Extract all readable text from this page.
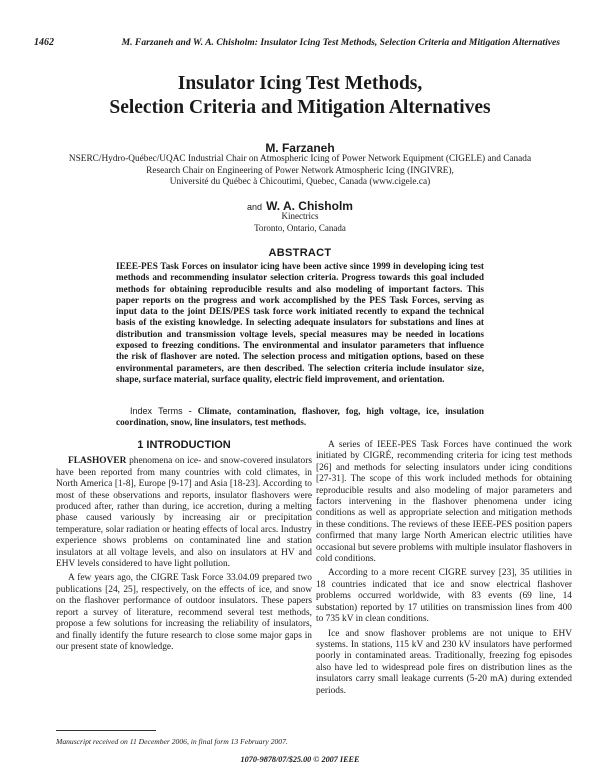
1462	M. Farzaneh and W. A. Chisholm: Insulator Icing Test Methods, Selection Criteria and Mitigation Alternatives
Insulator Icing Test Methods,
Selection Criteria and Mitigation Alternatives
M. Farzaneh
NSERC/Hydro-Québec/UQAC Industrial Chair on Atmospheric Icing of Power Network Equipment (CIGELE) and Canada
Research Chair on Engineering of Power Network Atmospheric Icing (INGIVRE),
Université du Québec à Chicoutimi, Quebec, Canada (www.cigele.ca)
and W. A. Chisholm
Kinectrics
Toronto, Ontario, Canada
ABSTRACT
IEEE-PES Task Forces on insulator icing have been active since 1999 in developing icing test methods and recommending insulator selection criteria. Progress towards this goal included methods for obtaining reproducible results and also modeling of important factors. This paper reports on the progress and work accomplished by the PES Task Forces, serving as input data to the joint DEIS/PES task force work initiated recently to expand the technical basis of the existing knowledge. In selecting adequate insulators for substations and lines at distribution and transmission voltage levels, special measures may be needed in locations exposed to freezing conditions. The environmental and insulator parameters that influence the risk of flashover are noted. The selection process and mitigation options, based on these environmental parameters, are then described. The selection criteria include insulator size, shape, surface material, surface quality, electric field improvement, and orientation.
Index Terms - Climate, contamination, flashover, fog, high voltage, ice, insulation coordination, snow, line insulators, test methods.
1 INTRODUCTION

FLASHOVER phenomena on ice- and snow-covered insulators have been reported from many countries with cold climates, in North America [1-8], Europe [9-17] and Asia [18-23]. According to most of these observations and reports, insulator flashovers were produced after, rather than during, ice accretion, during a melting phase caused variously by increasing air or precipitation temperature, solar radiation or heating effects of local arcs. Industry experience shows problems on contaminated line and station insulators at all voltage levels, and also on insulators at HV and EHV levels considered to have light pollution.

A few years ago, the CIGRE Task Force 33.04.09 prepared two publications [24, 25], respectively, on the effects of ice, and snow on the flashover performance of outdoor insulators. These papers report a survey of literature, recommend several test methods, propose a few solutions for increasing the reliability of insulators, and finally identify the future research to close some major gaps in our present state of knowledge.

A series of IEEE-PES Task Forces have continued the work initiated by CIGRÉ, recommending criteria for icing test methods [26] and methods for selecting insulators under icing conditions [27-31]. The scope of this work included methods for obtaining reproducible results and also modeling of major parameters and factors intervening in the flashover phenomena under icing conditions as well as appropriate selection and mitigation methods in these conditions. The reviews of these IEEE-PES position papers confirmed that many large North American electric utilities have occasional but severe problems with multiple insulator flashovers in cold conditions.

According to a more recent CIGRE survey [23], 35 utilities in 18 countries indicated that ice and snow electrical flashover problems occurred worldwide, with 83 events (69 line, 14 substation) reported by 17 utilities on transmission lines from 400 to 735 kV in clean conditions.

Ice and snow flashover problems are not unique to EHV systems. In stations, 115 kV and 230 kV insulators have performed poorly in contaminated areas. Traditionally, freezing fog episodes also have led to widespread pole fires on distribution lines as the insulators carry small leakage currents (5-20 mA) during extended periods.

Manuscript received on 11 December 2006, in final form 13 February 2007.
1070-9878/07/$25.00 © 2007 IEEE
